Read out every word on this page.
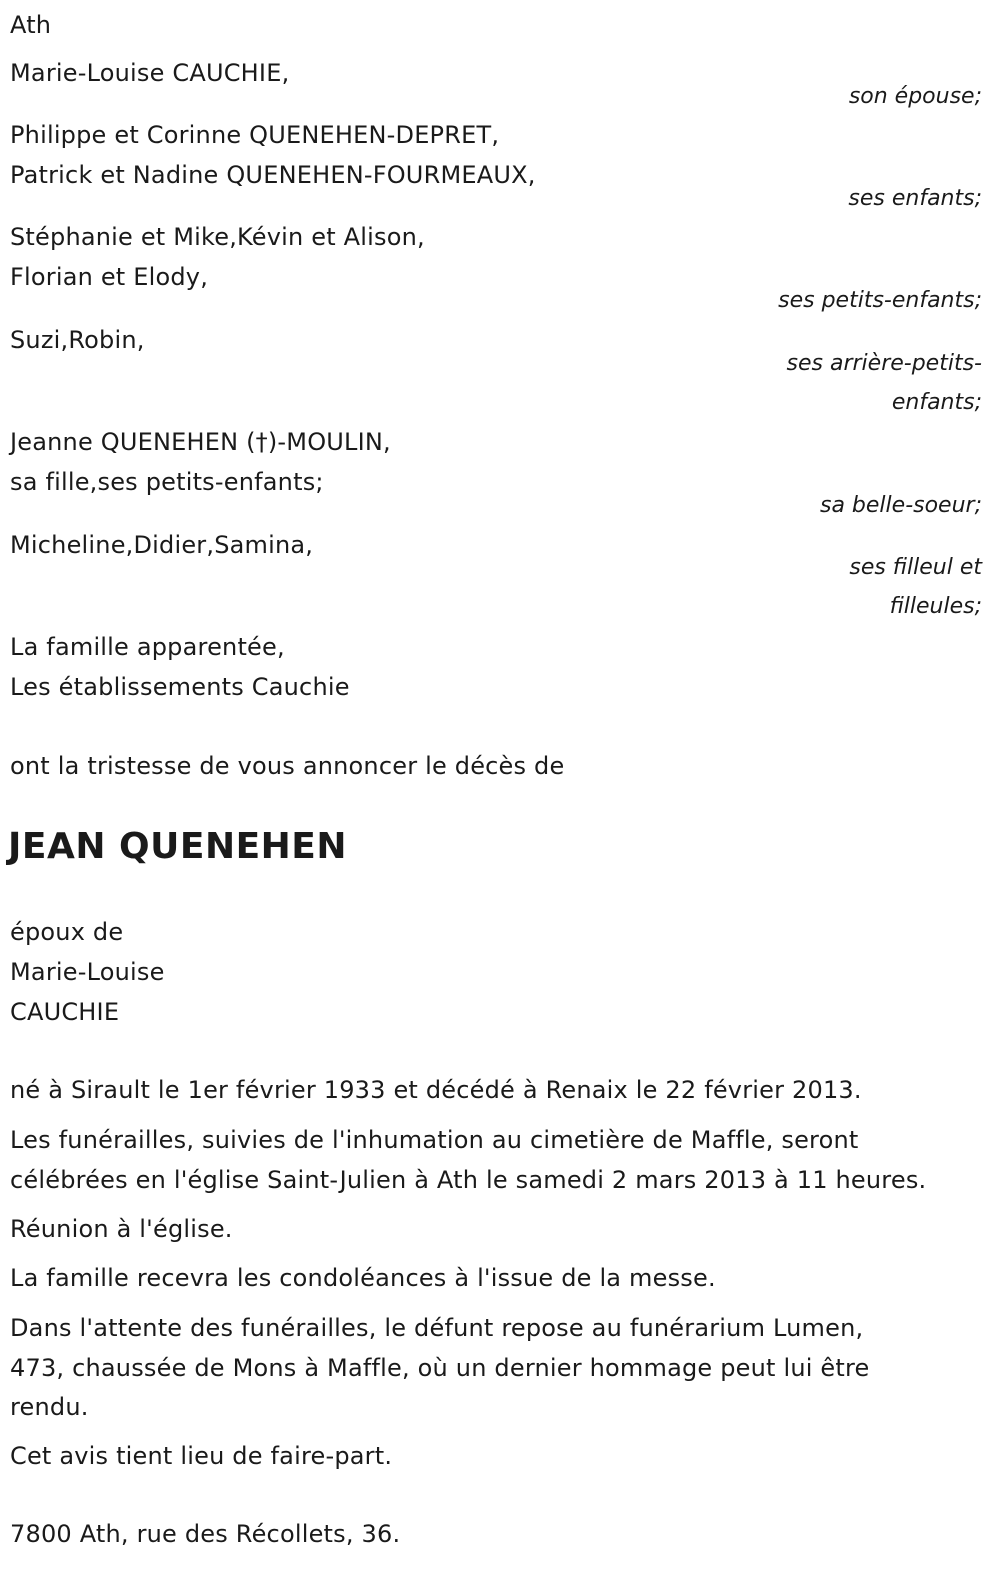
Ath
Marie-Louise CAUCHIE,
son épouse;
Philippe et Corinne QUENEHEN-DEPRET,
Patrick et Nadine QUENEHEN-FOURMEAUX,
ses enfants;
Stéphanie et Mike,Kévin et Alison,
Florian et Elody,
ses petits-enfants;
Suzi,Robin,
ses arrière-petits-
enfants;
Jeanne QUENEHEN (†)-MOULIN,
sa fille,ses petits-enfants;
sa belle-soeur;
Micheline,Didier,Samina,
ses filleul et
filleules;
La famille apparentée,
Les établissements Cauchie
ont la tristesse de vous annoncer le décès de
JEAN QUENEHEN
époux de
Marie-Louise
CAUCHIE
né à Sirault le 1er février 1933 et décédé à Renaix le 22 février 2013.
Les funérailles, suivies de l'inhumation au cimetière de Maffle, seront
célébrées en l'église Saint-Julien à Ath le samedi 2 mars 2013 à 11 heures.
Réunion à l'église.
La famille recevra les condoléances à l'issue de la messe.
Dans l'attente des funérailles, le défunt repose au funérarium Lumen,
473, chaussée de Mons à Maffle, où un dernier hommage peut lui être
rendu.
Cet avis tient lieu de faire-part.
7800 Ath, rue des Récollets, 36.
